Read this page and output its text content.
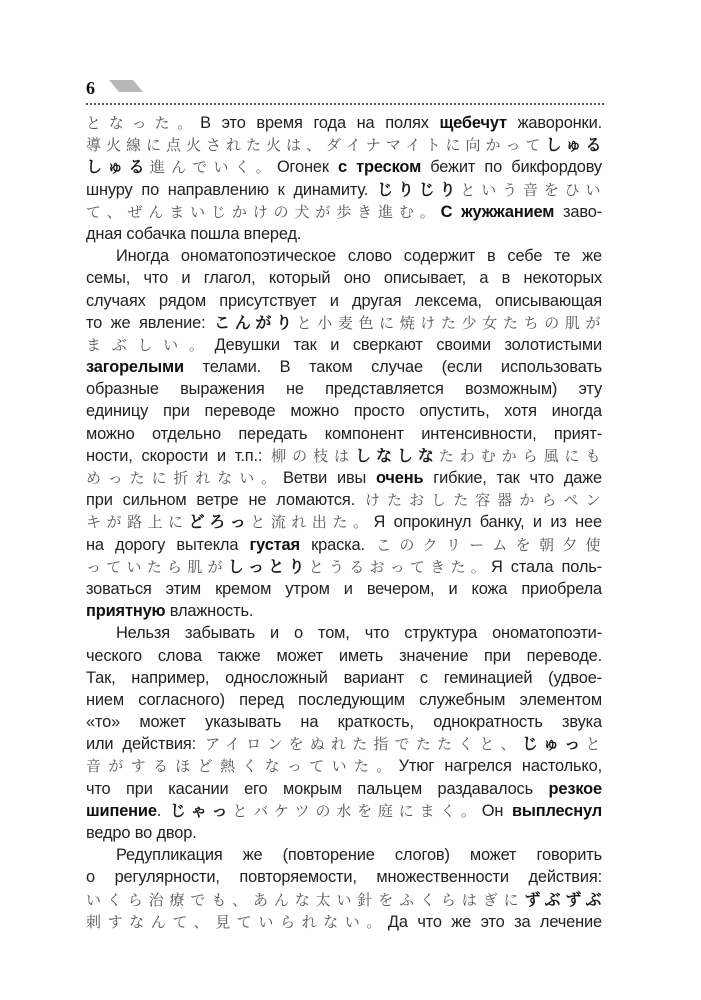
6
となった。В это время года на полях щебечут жаворонки.
導火線に点火された火は、ダイナマイトに向かってしゅる
しゅる進んでいく。Огонек с треском бежит по бикфордову
шнуру по направлению к динамиту. じりじりという音をひい
て、ぜんまいじかけの犬が歩き進む。С жужжанием заво-
дная собачка пошла вперед.
Иногда ономатопоэтическое слово содержит в себе те же
семы, что и глагол, который оно описывает, а в некоторых
случаях рядом присутствует и другая лексема, описывающая
то же явление: こんがりと小麦色に焼けた少女たちの肌が
まぶしい。Девушки так и сверкают своими золотистыми
загорелыми телами. В таком случае (если использовать
образные выражения не представляется возможным) эту
единицу при переводе можно просто опустить, хотя иногда
можно отдельно передать компонент интенсивности, прият-
ности, скорости и т.п.: 柳の枝はしなしなたわむから風にも
めったに折れない。Ветви ивы очень гибкие, так что даже
при сильном ветре не ломаются. けたおした容器からペン
キが路上にどろっと流れ出た。Я опрокинул банку, и из нее
на дорогу вытекла густая краска. このクリームを朝夕使
っていたら肌がしっとりとうるおってきた。Я стала поль-
зоваться этим кремом утром и вечером, и кожа приобрела
приятную влажность.
Нельзя забывать и о том, что структура ономатопоэти-
ческого слова также может иметь значение при переводе.
Так, например, односложный вариант с геминацией (удвое-
нием согласного) перед последующим служебным элементом
«то» может указывать на краткость, однократность звука
или действия: アイロンをぬれた指でたたくと、じゅっと
音がするほど熱くなっていた。Утюг нагрелся настолько,
что при касании его мокрым пальцем раздавалось резкое
шипение. じゃっとバケツの水を庭にまく。Он выплеснул
ведро во двор.
Редупликация же (повторение слогов) может говорить
о регулярности, повторяемости, множественности действия:
いくら治療でも、あんな太い針をふくらはぎにずぶずぶ
刺すなんて、見ていられない。Да что же это за лечение
